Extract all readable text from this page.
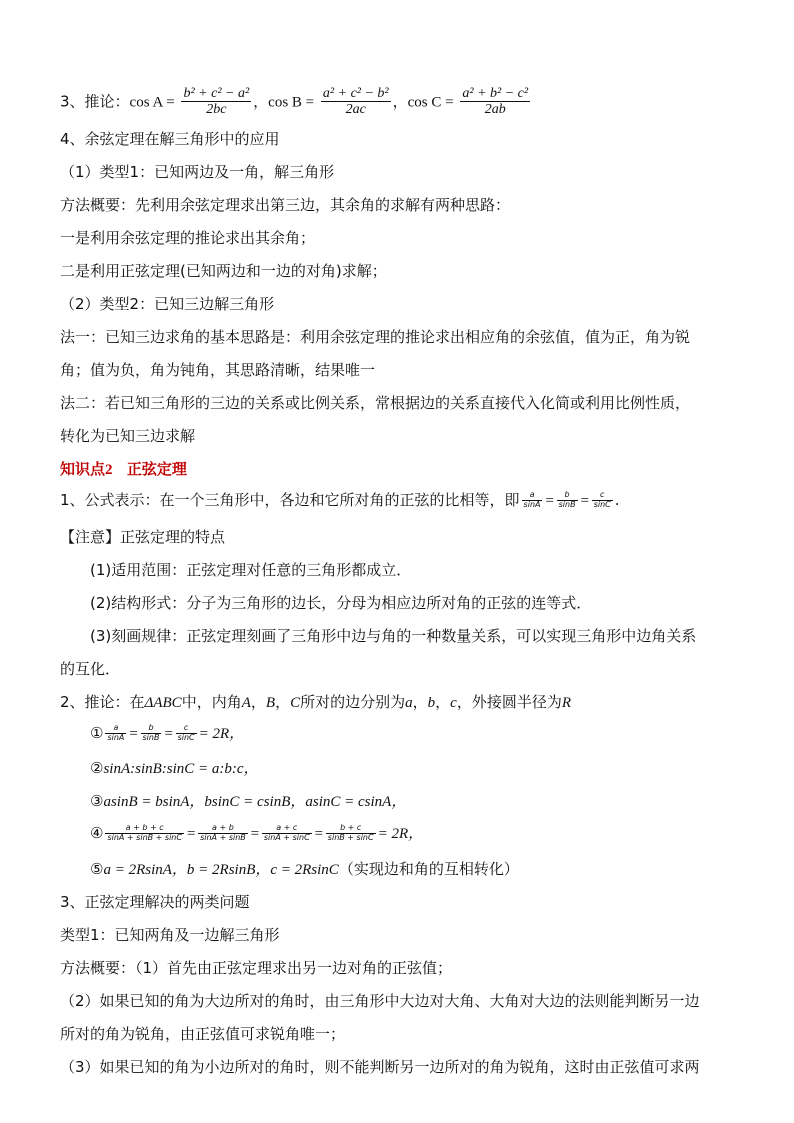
3、推论：$\cos A = \frac{\text{b² + c² − a²}}{2bc}$ ，$\cos B = \frac{\text{a² + c² − b²}}{2ac}$ ，$\cos C = \frac{\text{a² + b² − c²}}{2ab}$
4、余弦定理在解三角形中的应用
（1）类型1：已知两边及一角，解三角形
方法概要：先利用余弦定理求出第三边，其余角的求解有两种思路：
一是利用余弦定理的推论求出其余角；
二是利用正弦定理(已知两边和一边的对角)求解；
（2）类型2：已知三边解三角形
法一：已知三边求角的基本思路是：利用余弦定理的推论求出相应角的余弦值，值为正，角为锐
角；值为负，角为钝角，其思路清晰，结果唯一
法二：若已知三角形的三边的关系或比例关系，常根据边的关系直接代入化简或利用比例性质，
转化为已知三边求解
知识点2 正弦定理
1、公式表示：在一个三角形中，各边和它所对角的正弦的比相等，即 $\frac{a}{\sin A} = \frac{b}{\sin B} = \frac{c}{\sin C}$ .
【注意】正弦定理的特点
(1)适用范围：正弦定理对任意的三角形都成立．
(2)结构形式：分子为三角形的边长，分母为相应边所对角的正弦的连等式．
(3)刻画规律：正弦定理刻画了三角形中边与角的一种数量关系，可以实现三角形中边角关系
的互化．
2、推论：在ΔABC中，内角A，B，C所对的边分别为a，b，c，外接圆半径为R
① $\frac{a}{\sin A} = \frac{b}{\sin B} = \frac{c}{\sin C} = 2R$，
②sinA:sinB:sinC = a:b:c，
③asinB = bsinA，bsinC = csinB，asinC = csinA，
④ $\frac{a + b + c}{\sin A + \sin B + \sin C} = \frac{a + b}{\sin A + \sin B} = \frac{a + c}{\sin A + \sin C} = \frac{b + c}{\sin B + \sin C} = 2R$，
⑤a = 2RsinA，b = 2RsinB，c = 2RsinC（实现边和角的互相转化）
3、正弦定理解决的两类问题
类型1：已知两角及一边解三角形
方法概要：（1）首先由正弦定理求出另一边对角的正弦值；
（2）如果已知的角为大边所对的角时，由三角形中大边对大角、大角对大边的法则能判断另一边
所对的角为锐角，由正弦值可求锐角唯一；
（3）如果已知的角为小边所对的角时，则不能判断另一边所对的角为锐角，这时由正弦值可求两
